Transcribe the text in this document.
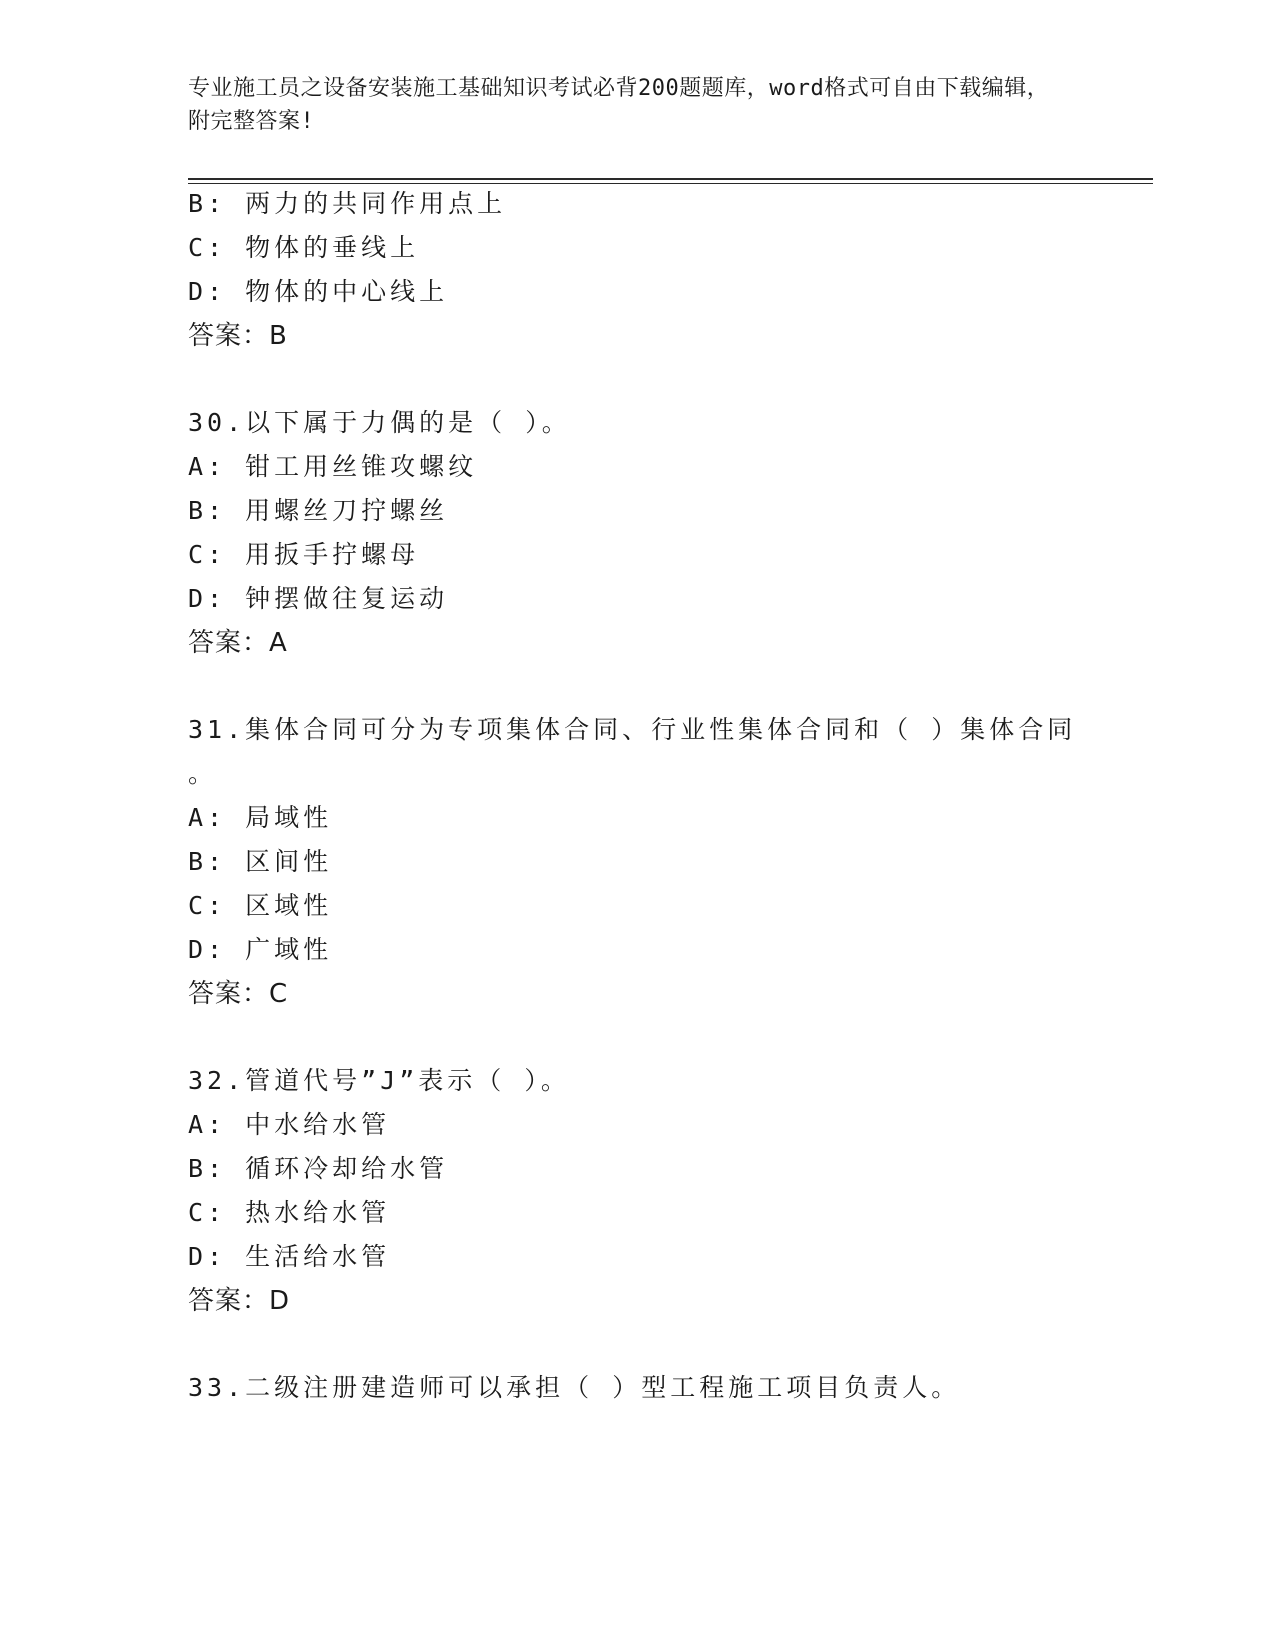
专业施工员之设备安装施工基础知识考试必背200题题库，word格式可自由下载编辑，附完整答案!
B: 两力的共同作用点上
C: 物体的垂线上
D: 物体的中心线上
答案：B
30.以下属于力偶的是（ ）。
A: 钳工用丝锥攻螺纹
B: 用螺丝刀拧螺丝
C: 用扳手拧螺母
D: 钟摆做往复运动
答案：A
31.集体合同可分为专项集体合同、行业性集体合同和（ ）集体合同
。
A: 局域性
B: 区间性
C: 区域性
D: 广域性
答案：C
32.管道代号”J”表示（ ）。
A: 中水给水管
B: 循环冷却给水管
C: 热水给水管
D: 生活给水管
答案：D
33.二级注册建造师可以承担（ ）型工程施工项目负责人。
